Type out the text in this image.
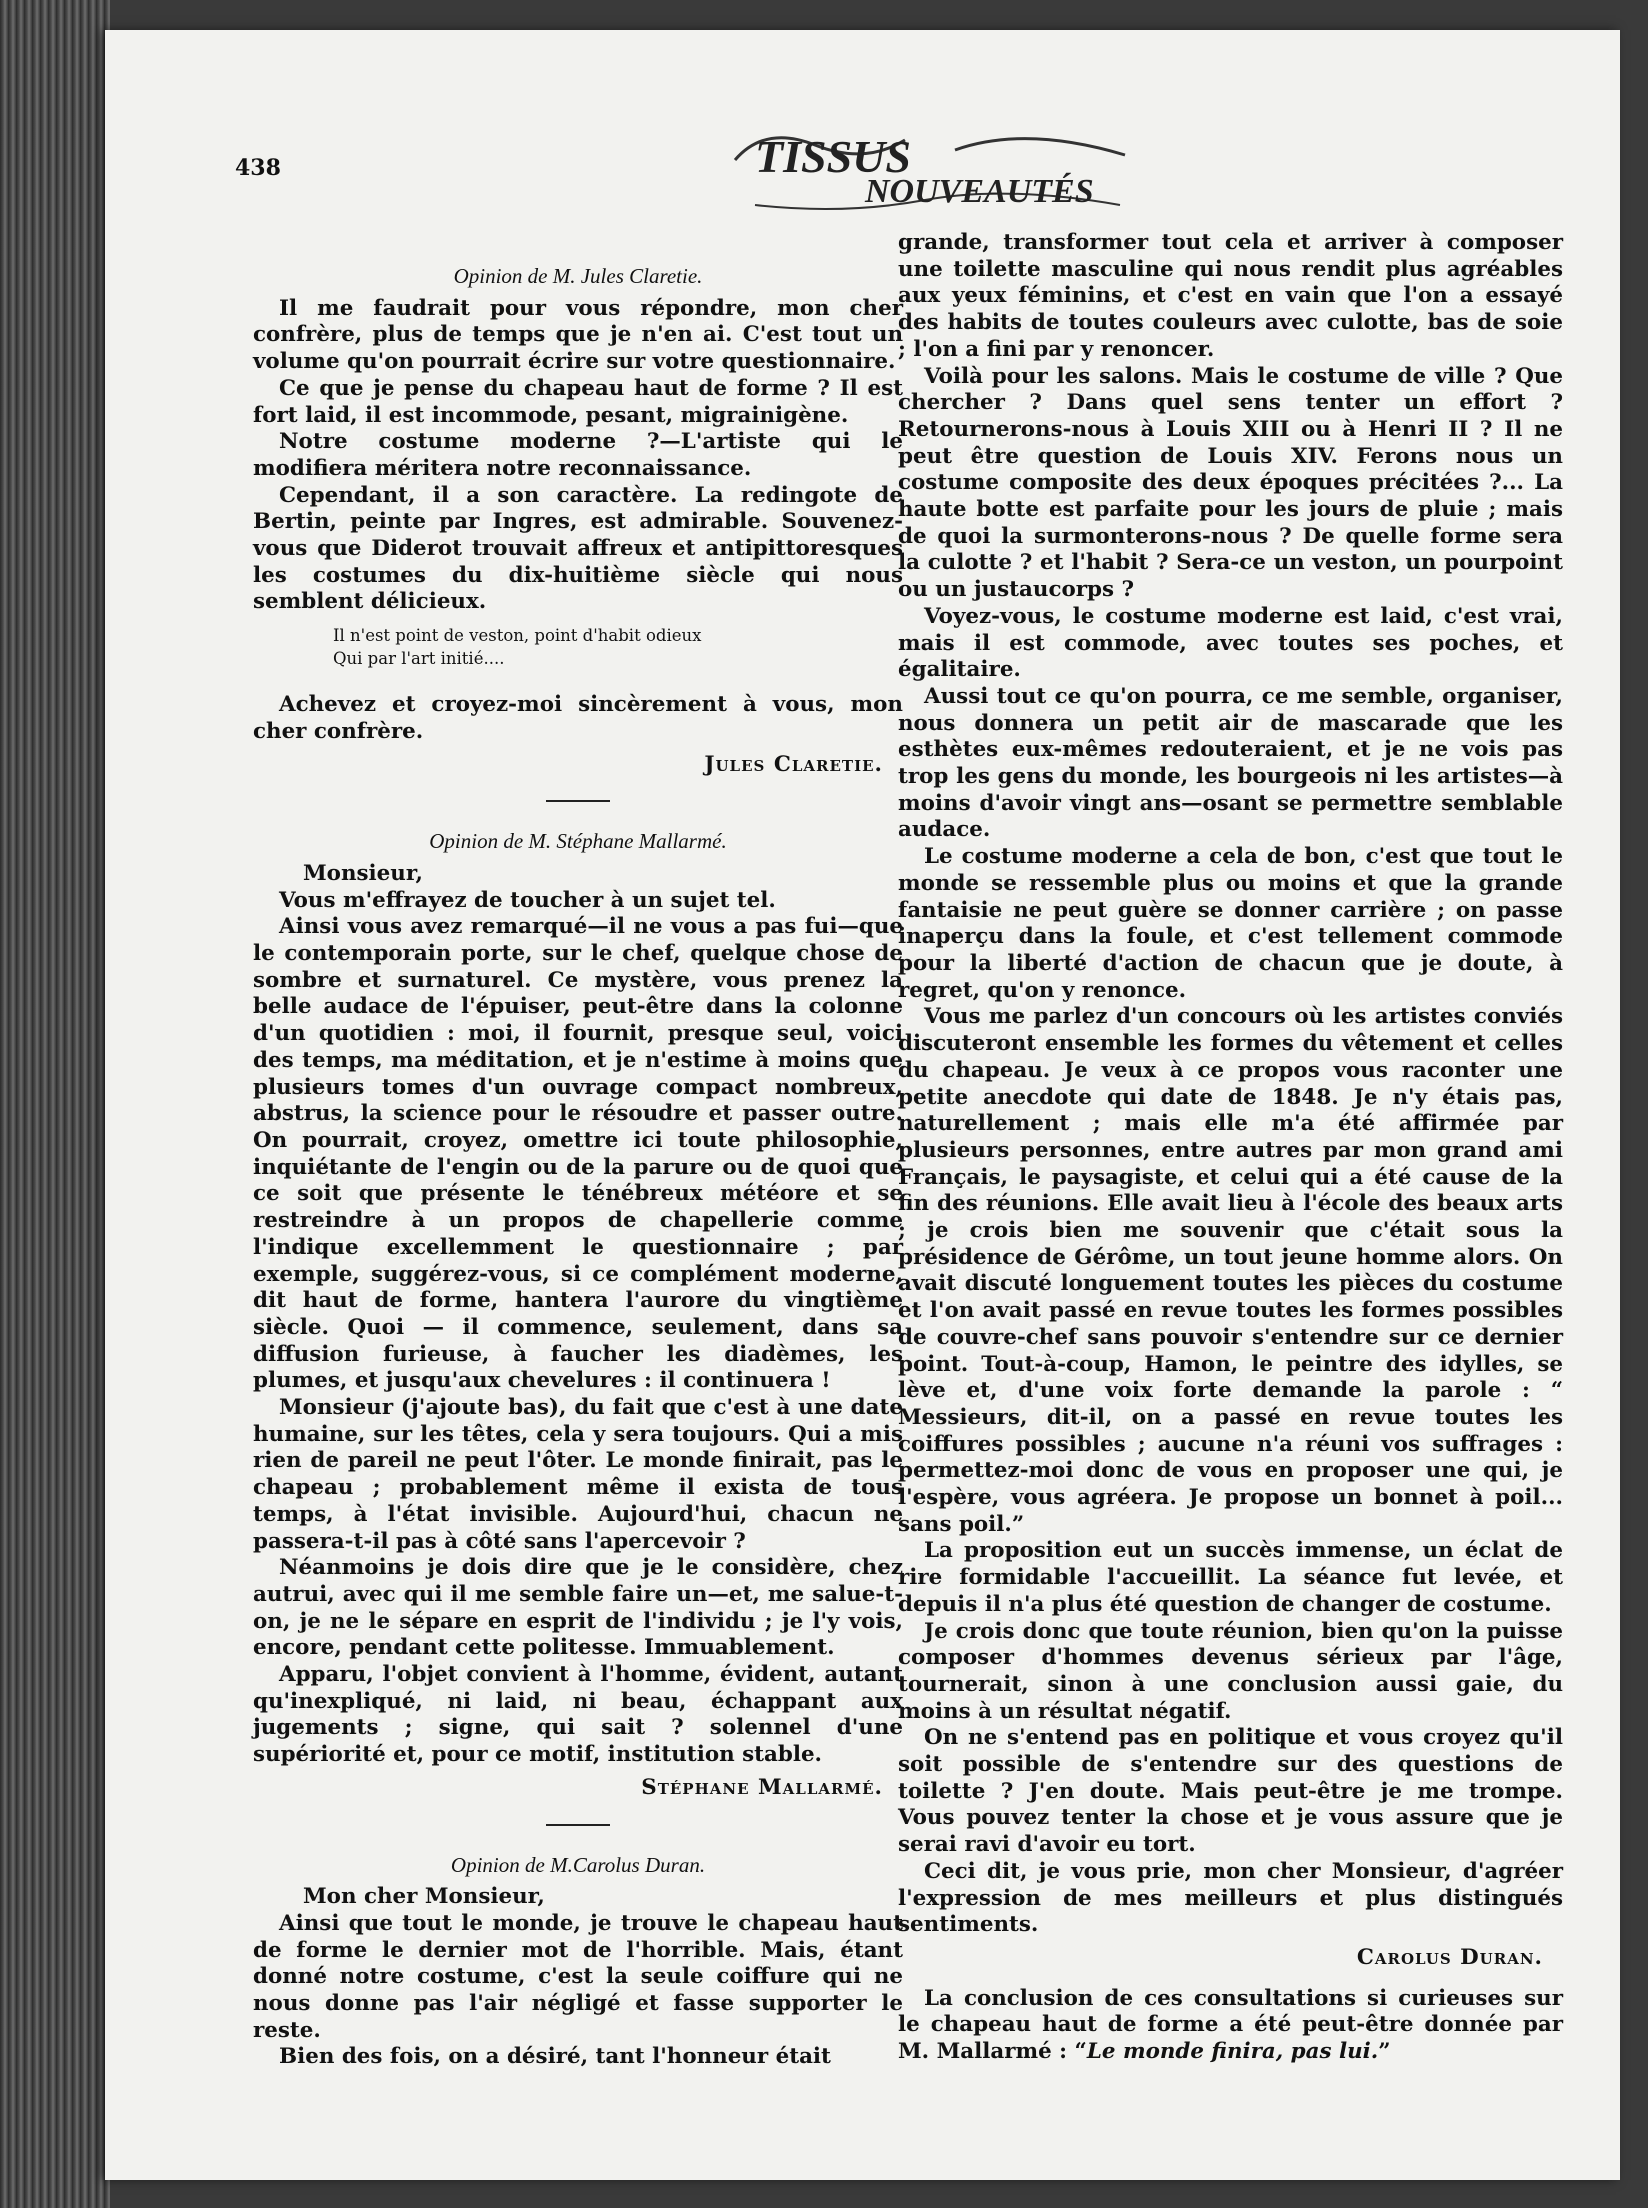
438	TISSUS
NOUVEAUTÉS
Opinion de M. Jules Claretie.

Il me faudrait pour vous répondre, mon cher confrère, plus de temps que je n'en ai. C'est tout un volume qu'on pourrait écrire sur votre questionnaire.

Ce que je pense du chapeau haut de forme ? Il est fort laid, il est incommode, pesant, migrainigène.

Notre costume moderne ?—L'artiste qui le modifiera méritera notre reconnaissance.

Cependant, il a son caractère. La redingote de Bertin, peinte par Ingres, est admirable. Souvenez-vous que Diderot trouvait affreux et antipittoresques les costumes du dix-huitième siècle qui nous semblent délicieux.

Il n'est point de veston, point d'habit odieux
Qui par l'art initié....

Achevez et croyez-moi sincèrement à vous, mon cher confrère.

Jules Claretie.
Opinion de M. Stéphane Mallarmé.

Monsieur,

Vous m'effrayez de toucher à un sujet tel.

Ainsi vous avez remarqué—il ne vous a pas fui—que le contemporain porte, sur le chef, quelque chose de sombre et surnaturel. Ce mystère, vous prenez la belle audace de l'épuiser, peut-être dans la colonne d'un quotidien : moi, il fournit, presque seul, voici des temps, ma méditation, et je n'estime à moins que plusieurs tomes d'un ouvrage compact nombreux, abstrus, la science pour le résoudre et passer outre. On pourrait, croyez, omettre ici toute philosophie, inquiétante de l'engin ou de la parure ou de quoi que ce soit que présente le ténébreux météore et se restreindre à un propos de chapellerie comme l'indique excellemment le questionnaire ; par exemple, suggérez-vous, si ce complément moderne, dit haut de forme, hantera l'aurore du vingtième siècle. Quoi — il commence, seulement, dans sa diffusion furieuse, à faucher les diadèmes, les plumes, et jusqu'aux chevelures : il continuera !

Monsieur (j'ajoute bas), du fait que c'est à une date humaine, sur les têtes, cela y sera toujours. Qui a mis rien de pareil ne peut l'ôter. Le monde finirait, pas le chapeau ; probablement même il exista de tous temps, à l'état invisible. Aujourd'hui, chacun ne passera-t-il pas à côté sans l'apercevoir ?

Néanmoins je dois dire que je le considère, chez autrui, avec qui il me semble faire un—et, me salue-t-on, je ne le sépare en esprit de l'individu ; je l'y vois, encore, pendant cette politesse. Immuablement.

Apparu, l'objet convient à l'homme, évident, autant qu'inexpliqué, ni laid, ni beau, échappant aux jugements ; signe, qui sait ? solennel d'une supériorité et, pour ce motif, institution stable.

Stéphane Mallarmé.
Opinion de M.Carolus Duran.

Mon cher Monsieur,

Ainsi que tout le monde, je trouve le chapeau haut de forme le dernier mot de l'horrible. Mais, étant donné notre costume, c'est la seule coiffure qui ne nous donne pas l'air négligé et fasse supporter le reste.

Bien des fois, on a désiré, tant l'honneur était

grande, transformer tout cela et arriver à composer une toilette masculine qui nous rendit plus agréables aux yeux féminins, et c'est en vain que l'on a essayé des habits de toutes couleurs avec culotte, bas de soie ; l'on a fini par y renoncer.

Voilà pour les salons. Mais le costume de ville ? Que chercher ? Dans quel sens tenter un effort ? Retournerons-nous à Louis XIII ou à Henri II ? Il ne peut être question de Louis XIV. Ferons nous un costume composite des deux époques précitées ?... La haute botte est parfaite pour les jours de pluie ; mais de quoi la surmonterons-nous ? De quelle forme sera la culotte ? et l'habit ? Sera-ce un veston, un pourpoint ou un justaucorps ?

Voyez-vous, le costume moderne est laid, c'est vrai, mais il est commode, avec toutes ses poches, et égalitaire.

Aussi tout ce qu'on pourra, ce me semble, organiser, nous donnera un petit air de mascarade que les esthètes eux-mêmes redouteraient, et je ne vois pas trop les gens du monde, les bourgeois ni les artistes—à moins d'avoir vingt ans—osant se permettre semblable audace.

Le costume moderne a cela de bon, c'est que tout le monde se ressemble plus ou moins et que la grande fantaisie ne peut guère se donner carrière ; on passe inaperçu dans la foule, et c'est tellement commode pour la liberté d'action de chacun que je doute, à regret, qu'on y renonce.

Vous me parlez d'un concours où les artistes conviés discuteront ensemble les formes du vêtement et celles du chapeau. Je veux à ce propos vous raconter une petite anecdote qui date de 1848. Je n'y étais pas, naturellement ; mais elle m'a été affirmée par plusieurs personnes, entre autres par mon grand ami Français, le paysagiste, et celui qui a été cause de la fin des réunions. Elle avait lieu à l'école des beaux arts ; je crois bien me souvenir que c'était sous la présidence de Gérôme, un tout jeune homme alors. On avait discuté longuement toutes les pièces du costume et l'on avait passé en revue toutes les formes possibles de couvre-chef sans pouvoir s'entendre sur ce dernier point. Tout-à-coup, Hamon, le peintre des idylles, se lève et, d'une voix forte demande la parole : “ Messieurs, dit-il, on a passé en revue toutes les coiffures possibles ; aucune n'a réuni vos suffrages : permettez-moi donc de vous en proposer une qui, je l'espère, vous agréera. Je propose un bonnet à poil... sans poil.”

La proposition eut un succès immense, un éclat de rire formidable l'accueillit. La séance fut levée, et depuis il n'a plus été question de changer de costume.

Je crois donc que toute réunion, bien qu'on la puisse composer d'hommes devenus sérieux par l'âge, tournerait, sinon à une conclusion aussi gaie, du moins à un résultat négatif.

On ne s'entend pas en politique et vous croyez qu'il soit possible de s'entendre sur des questions de toilette ? J'en doute. Mais peut-être je me trompe. Vous pouvez tenter la chose et je vous assure que je serai ravi d'avoir eu tort.

Ceci dit, je vous prie, mon cher Monsieur, d'agréer l'expression de mes meilleurs et plus distingués sentiments.

Carolus Duran.

La conclusion de ces consultations si curieuses sur le chapeau haut de forme a été peut-être donnée par M. Mallarmé : “Le monde finira, pas lui.”
